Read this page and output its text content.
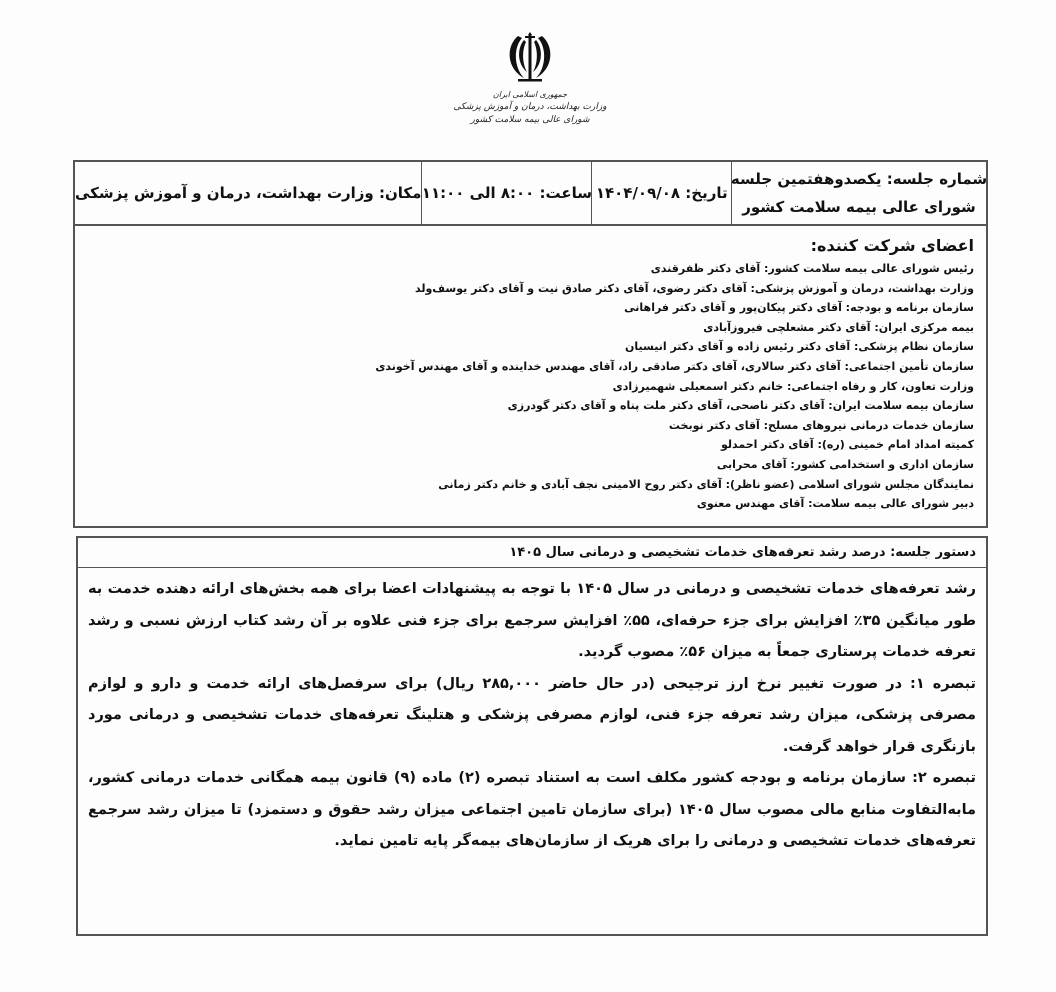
جمهوری اسلامی ایران
وزارت بهداشت، درمان و آموزش پزشکی
شورای عالی بیمه سلامت کشور
مکان: وزارت بهداشت، درمان و آموزش پزشکی ساعت: ۸:۰۰ الی ۱۱:۰۰ تاریخ: ۱۴۰۴/۰۹/۰۸
شماره جلسه: یکصدوهفتمین جلسه
شورای عالی بیمه سلامت کشور
اعضای شرکت کننده:
رئیس شورای عالی بیمه سلامت کشور: آقای دکتر ظفرقندی
وزارت بهداشت، درمان و آموزش پزشکی: آقای دکتر رضوی، آقای دکتر صادق نیت و آقای دکتر یوسف‌ولد
سازمان برنامه و بودجه: آقای دکتر پیکان‌پور و آقای دکتر فراهانی
بیمه مرکزی ایران: آقای دکتر مشعلچی فیروزآبادی
سازمان نظام پزشکی: آقای دکتر رئیس زاده و آقای دکتر انیسیان
سازمان تأمین اجتماعی: آقای دکتر سالاری، آقای دکتر صادقی راد، آقای مهندس خداینده و آقای مهندس آخوندی
وزارت تعاون، کار و رفاه اجتماعی: خانم دکتر اسمعیلی شهمیرزادی
سازمان بیمه سلامت ایران: آقای دکتر ناصحی، آقای دکتر ملت پناه و آقای دکتر گودرزی
سازمان خدمات درمانی نیروهای مسلح: آقای دکتر نوبخت
کمیته امداد امام خمینی (ره): آقای دکتر احمدلو
سازمان اداری و استخدامی کشور: آقای محرابی
نمایندگان مجلس شورای اسلامی (عضو ناظر): آقای دکتر روح الامینی نجف آبادی و خانم دکتر زمانی
دبیر شورای عالی بیمه سلامت: آقای مهندس معنوی
دستور جلسه: درصد رشد تعرفه‌های خدمات تشخیصی و درمانی سال ۱۴۰۵

رشد تعرفه‌های خدمات تشخیصی و درمانی در سال ۱۴۰۵ با توجه به پیشنهادات اعضا برای همه بخش‌های ارائه دهنده خدمت به طور میانگین ۳۵٪ افزایش برای جزء حرفه‌ای، ۵۵٪ افزایش سرجمع برای جزء فنی علاوه بر آن رشد کتاب ارزش نسبی و رشد تعرفه خدمات پرستاری جمعاً به میزان ۵۶٪ مصوب گردید.

تبصره ۱: در صورت تغییر نرخ ارز ترجیحی (در حال حاضر ۲۸۵,۰۰۰ ریال) برای سرفصل‌های ارائه خدمت و دارو و لوازم مصرفی پزشکی، میزان رشد تعرفه جزء فنی، لوازم مصرفی پزشکی و هتلینگ تعرفه‌های خدمات تشخیصی و درمانی مورد بازنگری قرار خواهد گرفت.

تبصره ۲: سازمان برنامه و بودجه کشور مکلف است به استناد تبصره (۲) ماده (۹) قانون بیمه همگانی خدمات درمانی کشور، مابه‌التفاوت منابع مالی مصوب سال ۱۴۰۵ (برای سازمان تامین اجتماعی میزان رشد حقوق و دستمزد) تا میزان رشد سرجمع تعرفه‌های خدمات تشخیصی و درمانی را برای هریک از سازمان‌های بیمه‌گر پایه تامین نماید.
